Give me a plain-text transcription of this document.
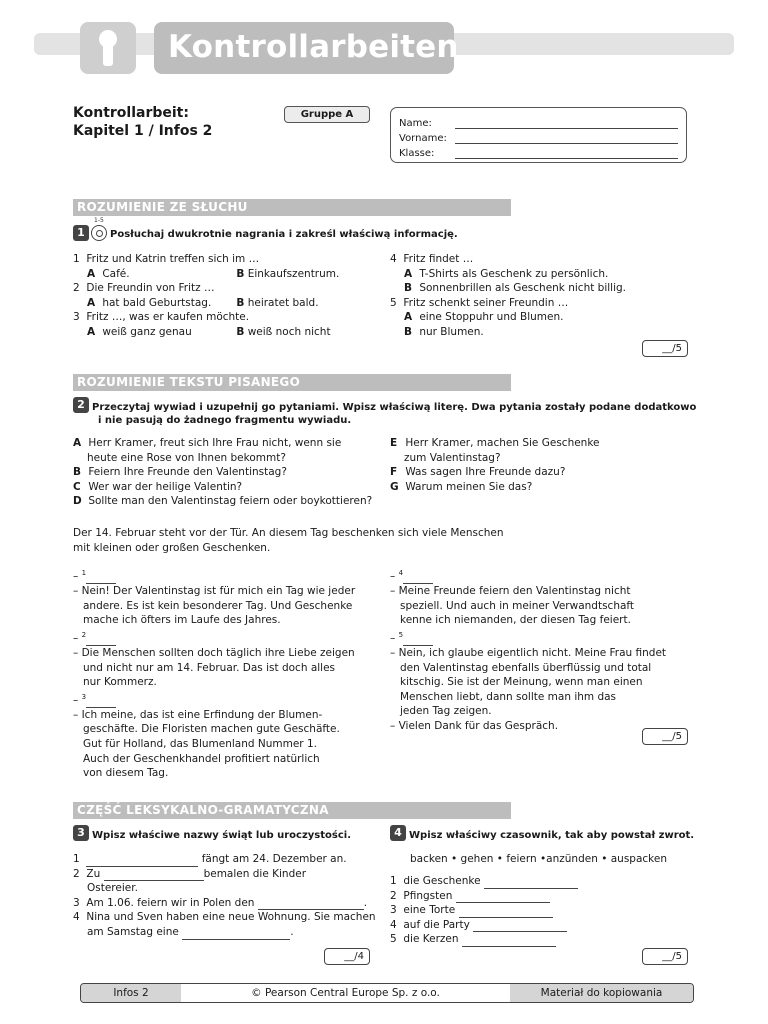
Kontrollarbeiten
Kontrollarbeit:
Kapitel 1 / Infos 2
Gruppe A
Name:
Vorname:
Klasse:
ROZUMIENIE ZE SŁUCHU
1-5
1	Posłuchaj dwukrotnie nagrania i zakreśl właściwą informację.
1 Fritz und Katrin treffen sich im …
A Café.	B Einkaufszentrum.
2 Die Freundin von Fritz …
A hat bald Geburtstag. B heiratet bald.
3 Fritz …, was er kaufen möchte.
A weiß ganz genau	B weiß noch nicht
4 Fritz findet …
A T-Shirts als Geschenk zu persönlich.
B Sonnenbrillen als Geschenk nicht billig.
5 Fritz schenkt seiner Freundin …
A eine Stoppuhr und Blumen.
B nur Blumen.
__/5
ROZUMIENIE TEKSTU PISANEGO
2 Przeczytaj wywiad i uzupełnij go pytaniami. Wpisz właściwą literę. Dwa pytania zostały podane dodatkowo
i nie pasują do żadnego fragmentu wywiadu.
A Herr Kramer, freut sich Ihre Frau nicht, wenn sie
heute eine Rose von Ihnen bekommt?
B Feiern Ihre Freunde den Valentinstag?
C Wer war der heilige Valentin?
D Sollte man den Valentinstag feiern oder boykottieren?
E Herr Kramer, machen Sie Geschenke
zum Valentinstag?
F Was sagen Ihre Freunde dazu?
G Warum meinen Sie das?
Der 14. Februar steht vor der Tür. An diesem Tag beschenken sich viele Menschen
mit kleinen oder großen Geschenken.
– $^1$
– Nein! Der Valentinstag ist für mich ein Tag wie jeder
andere. Es ist kein besonderer Tag. Und Geschenke
mache ich öfters im Laufe des Jahres.
– $^2$
– Die Menschen sollten doch täglich ihre Liebe zeigen
und nicht nur am 14. Februar. Das ist doch alles
nur Kommerz.
– $^3$
– Ich meine, das ist eine Erfindung der Blumen-
geschäfte. Die Floristen machen gute Geschäfte.
Gut für Holland, das Blumenland Nummer 1.
Auch der Geschenkhandel profitiert natürlich
von diesem Tag.
– $^4$
– Meine Freunde feiern den Valentinstag nicht
speziell. Und auch in meiner Verwandtschaft
kenne ich niemanden, der diesen Tag feiert.
– $^5$
– Nein, ich glaube eigentlich nicht. Meine Frau findet
den Valentinstag ebenfalls überflüssig und total
kitschig. Sie ist der Meinung, wenn man einen
Menschen liebt, dann sollte man ihm das
jeden Tag zeigen.
– Vielen Dank für das Gespräch.
__/5
CZĘŚĆ LEKSYKALNO-GRAMATYCZNA
3 Wpisz właściwe nazwy świąt lub uroczystości.
1	fängt am 24. Dezember an.
2 Zu	bemalen die Kinder
Ostereier.
3 Am 1.06. feiern wir in Polen den	.
4 Nina und Sven haben eine neue Wohnung. Sie machen
am Samstag eine	.
__/4
4 Wpisz właściwy czasownik, tak aby powstał zwrot.
backen • gehen • feiern •anzünden • auspacken
1 die Geschenke
2 Pfingsten
3 eine Torte
4 auf die Party
5 die Kerzen
__/5
Infos 2	© Pearson Central Europe Sp. z o.o.	Materiał do kopiowania
